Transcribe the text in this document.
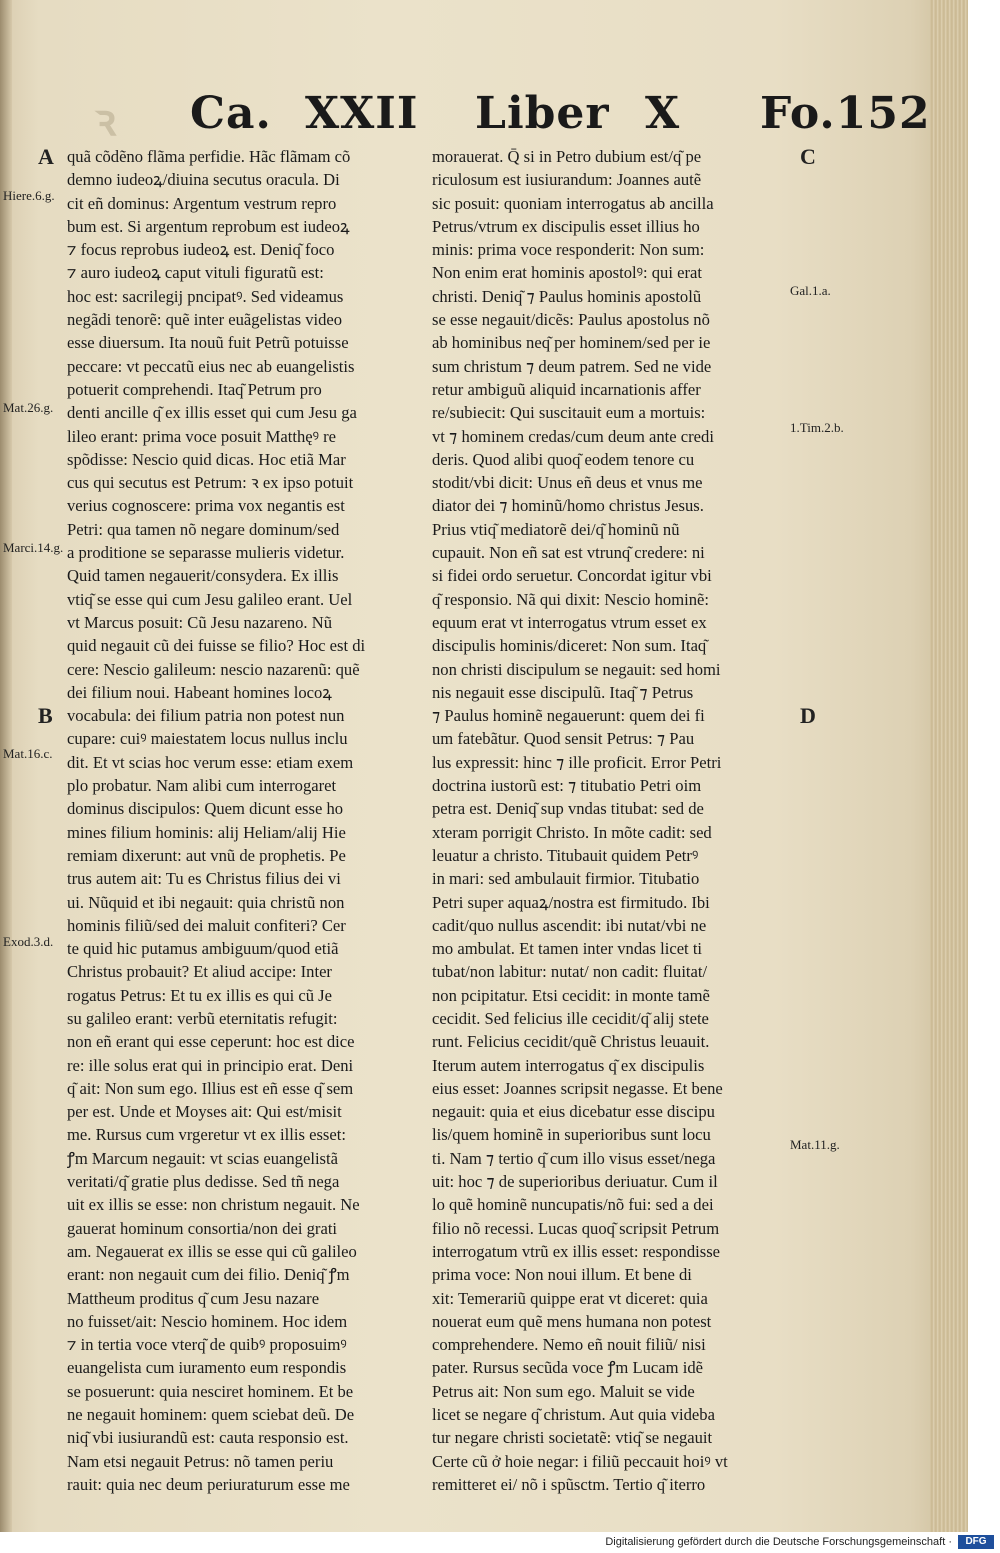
ꝛ Ca. XXII Liber X Fo.152
quã cõdẽno flãma perfidie. Hãc flãmam cõ
demno iudeoꝝ/diuina secutus oracula. Di
cit eñ dominus: Argentum vestrum repro
bum est. Si argentum reprobum est iudeoꝝ
⁊ focus reprobus iudeoꝝ est. Deniq͂ foco
⁊ auro iudeoꝝ caput vituli figuratũ est:
hoc est: sacrilegij pncipatꝰ. Sed videamus
negãdi tenorẽ: quẽ inter euãgelistas video
esse diuersum. Ita nouũ fuit Petrũ potuisse
peccare: vt peccatũ eius nec ab euangelistis
potuerit comprehendi. Itaq͂ Petrum pro
denti ancille q͂ ex illis esset qui cum Jesu ga
lileo erant: prima voce posuit Matthęꝰ re
spõdisse: Nescio quid dicas. Hoc etiã Mar
cus qui secutus est Petrum: ꝛ ex ipso potuit
verius cognoscere: prima vox negantis est
Petri: qua tamen nõ negare dominum/sed
a proditione se separasse mulieris videtur.
Quid tamen negauerit/consydera. Ex illis
vtiq͂ se esse qui cum Jesu galileo erant. Uel
vt Marcus posuit: Cũ Jesu nazareno. Nũ
quid negauit cũ dei fuisse se filio? Hoc est di
cere: Nescio galileum: nescio nazarenũ: quẽ
dei filium noui. Habeant homines locoꝝ
vocabula: dei filium patria non potest nun
cupare: cuiꝰ maiestatem locus nullus inclu
dit. Et vt scias hoc verum esse: etiam exem
plo probatur. Nam alibi cum interrogaret
dominus discipulos: Quem dicunt esse ho
mines filium hominis: alij Heliam/alij Hie
remiam dixerunt: aut vnũ de prophetis. Pe
trus autem ait: Tu es Christus filius dei vi
ui. Nũquid et ibi negauit: quia christũ non
hominis filiũ/sed dei maluit confiteri? Cer
te quid hic putamus ambiguum/quod etiã
Christus probauit? Et aliud accipe: Inter
rogatus Petrus: Et tu ex illis es qui cũ Je
su galileo erant: verbũ eternitatis refugit:
non eñ erant qui esse ceperunt: hoc est dice
re: ille solus erat qui in principio erat. Deni
q͂ ait: Non sum ego. Illius est eñ esse q͂ sem
per est. Unde et Moyses ait: Qui est/misit
me. Rursus cum vrgeretur vt ex illis esset:
ꝭm Marcum negauit: vt scias euangelistã
veritati/q͂ gratie plus dedisse. Sed tñ nega
uit ex illis se esse: non christum negauit. Ne
gauerat hominum consortia/non dei grati
am. Negauerat ex illis se esse qui cũ galileo
erant: non negauit cum dei filio. Deniq͂ ꝭm
Mattheum proditus q͂ cum Jesu nazare
no fuisset/ait: Nescio hominem. Hoc idem
⁊ in tertia voce vterq͂ de quibꝰ proposuimꝰ
euangelista cum iuramento eum respondis
se posuerunt: quia nesciret hominem. Et be
ne negauit hominem: quem sciebat deũ. De
niq͂ vbi iusiurandũ est: cauta responsio est.
Nam etsi negauit Petrus: nõ tamen periu
rauit: quia nec deum periuraturum esse me
morauerat. Q̄ si in Petro dubium est/q͂ pe
riculosum est iusiurandum: Joannes autẽ
sic posuit: quoniam interrogatus ab ancilla
Petrus/vtrum ex discipulis esset illius ho
minis: prima voce responderit: Non sum:
Non enim erat hominis apostolꝰ: qui erat
christi. Deniq͂ ⁊ Paulus hominis apostolũ
se esse negauit/dicẽs: Paulus apostolus nõ
ab hominibus neq͂ per hominem/sed per ie
sum christum ⁊ deum patrem. Sed ne vide
retur ambiguũ aliquid incarnationis affer
re/subiecit: Qui suscitauit eum a mortuis:
vt ⁊ hominem credas/cum deum ante credi
deris. Quod alibi quoq͂ eodem tenore cu
stodit/vbi dicit: Unus eñ deus et vnus me
diator dei ⁊ hominũ/homo christus Jesus.
Prius vtiq͂ mediatorẽ dei/q͂ hominũ nũ
cupauit. Non eñ sat est vtrunq͂ credere: ni
si fidei ordo seruetur. Concordat igitur vbi
q͂ responsio. Nã qui dixit: Nescio hominẽ:
equum erat vt interrogatus vtrum esset ex
discipulis hominis/diceret: Non sum. Itaq͂
non christi discipulum se negauit: sed homi
nis negauit esse discipulũ. Itaq͂ ⁊ Petrus
⁊ Paulus hominẽ negauerunt: quem dei fi
um fatebãtur. Quod sensit Petrus: ⁊ Pau
lus expressit: hinc ⁊ ille proficit. Error Petri
doctrina iustorũ est: ⁊ titubatio Petri oim
petra est. Deniq͂ sup vndas titubat: sed de
xteram porrigit Christo. In mõte cadit: sed
leuatur a christo. Titubauit quidem Petrꝰ
in mari: sed ambulauit firmior. Titubatio
Petri super aquaꝝ/nostra est firmitudo. Ibi
cadit/quo nullus ascendit: ibi nutat/vbi ne
mo ambulat. Et tamen inter vndas licet ti
tubat/non labitur: nutat/ non cadit: fluitat/
non pcipitatur. Etsi cecidit: in monte tamẽ
cecidit. Sed felicius ille cecidit/q͂ alij stete
runt. Felicius cecidit/quẽ Christus leuauit.
Iterum autem interrogatus q͂ ex discipulis
eius esset: Joannes scripsit negasse. Et bene
negauit: quia et eius dicebatur esse discipu
lis/quem hominẽ in superioribus sunt locu
ti. Nam ⁊ tertio q͂ cum illo visus esset/nega
uit: hoc ⁊ de superioribus deriuatur. Cum il
lo quẽ hominẽ nuncupatis/nõ fui: sed a dei
filio nõ recessi. Lucas quoq͂ scripsit Petrum
interrogatum vtrũ ex illis esset: respondisse
prima voce: Non noui illum. Et bene di
xit: Temerariũ quippe erat vt diceret: quia
nouerat eum quẽ mens humana non potest
comprehendere. Nemo eñ nouit filiũ/ nisi
pater. Rursus secũda voce ꝭm Lucam idẽ
Petrus ait: Non sum ego. Maluit se vide
licet se negare q͂ christum. Aut quia videba
tur negare christi societatẽ: vtiq͂ se negauit
Certe cũ ở hoie negar: i filiũ peccauit hoiꝰ vt
remitteret ei/ nõ i spũsctm. Tertio q͂ iterro
A
Hiere.6.g.
Mat.26.g.
Marci.14.g.
B
Mat.16.c.
Exod.3.d.
C
Gal.1.a.
1.Tim.2.b.
D
Mat.11.g.
Digitalisierung gefördert durch die Deutsche Forschungsgemeinschaft ·	DFG
